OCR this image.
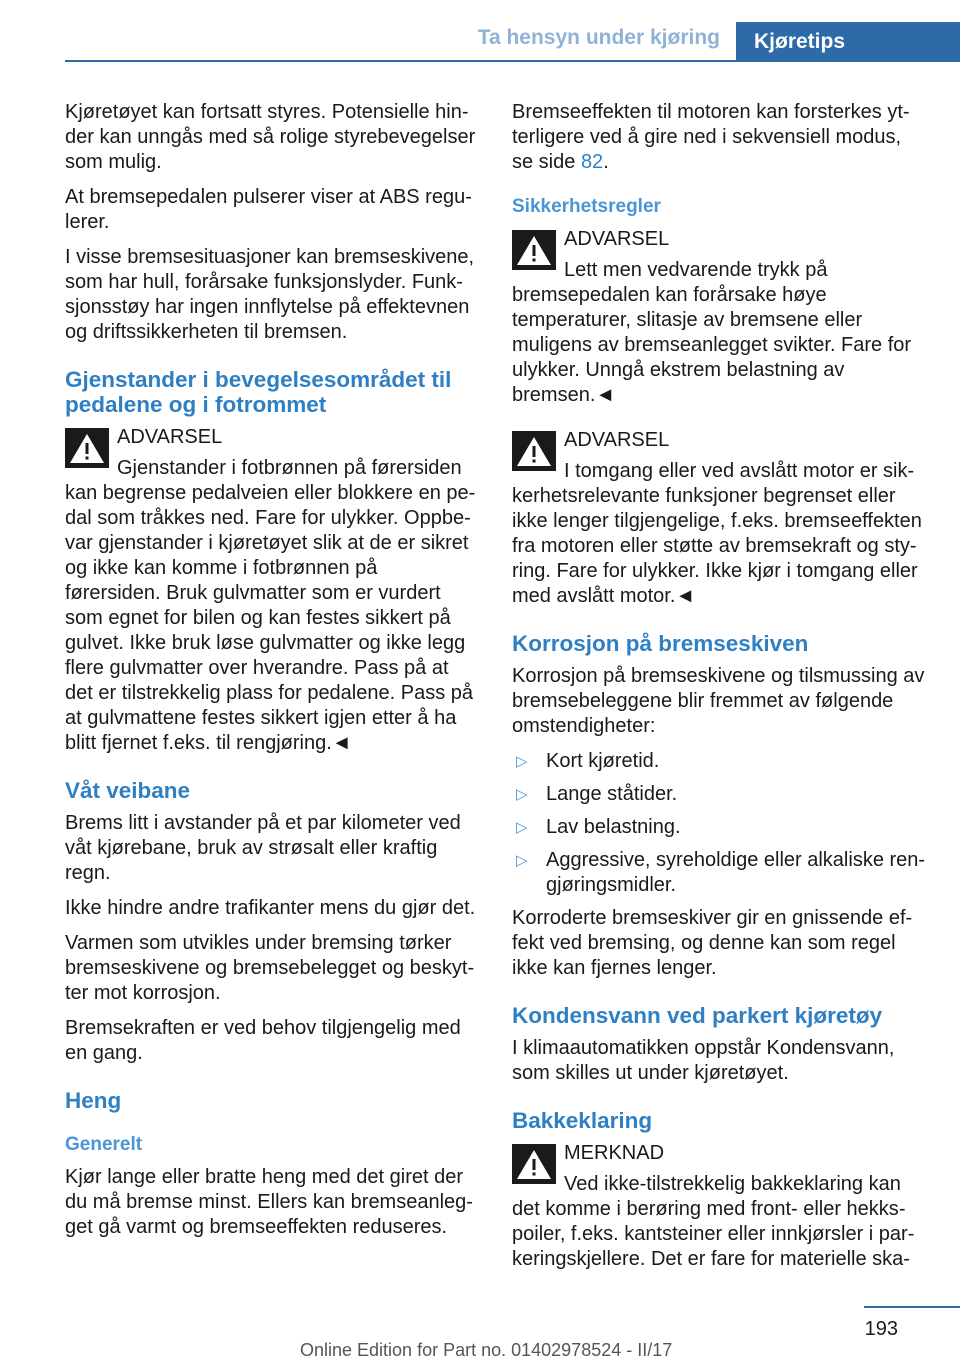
Ta hensyn under kjøring	Kjøretips

Kjøretøyet kan fortsatt styres. Potensielle hinder kan unngås med så rolige styrebevegelser som mulig.

At bremsepedalen pulserer viser at ABS regulerer.

I visse bremsesituasjoner kan bremseskivene, som har hull, forårsake funksjonslyder. Funksjonsstøy har ingen innflytelse på effektevnen og driftssikkerheten til bremsen.

Gjenstander i bevegelsesområdet til pedalene og i fotrommet
ADVARSEL
Gjenstander i fotbrønnen på førersiden kan begrense pedalveien eller blokkere en pedal som tråkkes ned. Fare for ulykker. Oppbevar gjenstander i kjøretøyet slik at de er sikret og ikke kan komme i fotbrønnen på førersiden. Bruk gulvmatter som er vurdert som egnet for bilen og kan festes sikkert på gulvet. Ikke bruk løse gulvmatter og ikke legg flere gulvmatter over hverandre. Pass på at det er tilstrekkelig plass for pedalene. Pass på at gulvmattene festes sikkert igjen etter å ha blitt fjernet f.eks. til rengjøring.◄
Våt veibane

Brems litt i avstander på et par kilometer ved våt kjørebane, bruk av strøsalt eller kraftig regn.

Ikke hindre andre trafikanter mens du gjør det.

Varmen som utvikles under bremsing tørker bremseskivene og bremsebelegget og beskytter mot korrosjon.

Bremsekraften er ved behov tilgjengelig med en gang.

Heng
Generelt

Kjør lange eller bratte heng med det giret der du må bremse minst. Ellers kan bremseanlegget gå varmt og bremseeffekten reduseres.

Bremseeffekten til motoren kan forsterkes ytterligere ved å gire ned i sekvensiell modus, se side 82.

Sikkerhetsregler
ADVARSEL
Lett men vedvarende trykk på bremsepedalen kan forårsake høye temperaturer, slitasje av bremsene eller muligens av bremseanlegget svikter. Fare for ulykker. Unngå ekstrem belastning av bremsen.◄
ADVARSEL
I tomgang eller ved avslått motor er sikkerhetsrelevante funksjoner begrenset eller ikke lenger tilgjengelige, f.eks. bremseeffekten fra motoren eller støtte av bremsekraft og styring. Fare for ulykker. Ikke kjør i tomgang eller med avslått motor.◄
Korrosjon på bremseskiven

Korrosjon på bremseskivene og tilsmussing av bremsebeleggene blir fremmet av følgende omstendigheter:

▷ Kort kjøretid.
▷ Lange ståtider.
▷ Lav belastning.
▷ Aggressive, syreholdige eller alkaliske rengjøringsmidler.

Korroderte bremseskiver gir en gnissende effekt ved bremsing, og denne kan som regel ikke kan fjernes lenger.

Kondensvann ved parkert kjøretøy

I klimaautomatikken oppstår Kondensvann, som skilles ut under kjøretøyet.

Bakkeklaring
MERKNAD
Ved ikke-tilstrekkelig bakkeklaring kan det komme i berøring med front- eller hekkspoiler, f.eks. kantsteiner eller innkjørsler i parkeringskjellere. Det er fare for materielle ska-
193
Online Edition for Part no. 01402978524 - II/17
